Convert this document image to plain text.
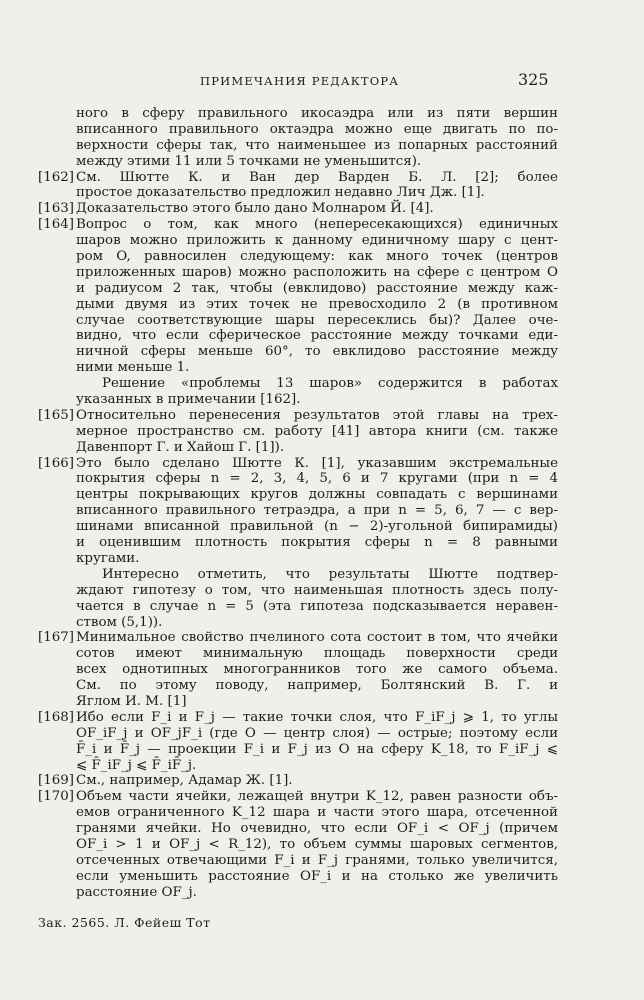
ПРИМЕЧАНИЯ РЕДАКТОРА	325
ного в сферу правильного икосаэдра или из пяти вершин
вписанного правильного октаэдра можно еще двигать по по-
верхности сферы так, что наименьшее из попарных расстояний
между этими 11 или 5 точками не уменьшится).
[162] См. Шютте К. и Ван дер Варден Б. Л. [2]; более
простое доказательство предложил недавно Лич Дж. [1].
[163] Доказательство этого было дано Молнаром Й. [4].
[164] Вопрос о том, как много (непересекающихся) единичных
шаров можно приложить к данному единичному шару с цент-
ром O, равносилен следующему: как много точек (центров
приложенных шаров) можно расположить на сфере с центром O
и радиусом 2 так, чтобы (евклидово) расстояние между каж-
дыми двумя из этих точек не превосходило 2 (в противном
случае соответствующие шары пересеклись бы)? Далее оче-
видно, что если сферическое расстояние между точками еди-
ничной сферы меньше 60°, то евклидово расстояние между
ними меньше 1.
Решение «проблемы 13 шаров» содержится в работах
указанных в примечании [162].
[165] Относительно перенесения результатов этой главы на трех-
мерное пространство см. работу [41] автора книги (см. также
Давенпорт Г. и Хайош Г. [1]).
[166] Это было сделано Шютте К. [1], указавшим экстремальные
покрытия сферы n = 2, 3, 4, 5, 6 и 7 кругами (при n = 4
центры покрывающих кругов должны совпадать с вершинами
вписанного правильного тетраэдра, а при n = 5, 6, 7 — с вер-
шинами вписанной правильной (n − 2)-угольной бипирамиды)
и оценившим плотность покрытия сферы n = 8 равными
кругами.
Интересно отметить, что результаты Шютте подтвер-
ждают гипотезу о том, что наименьшая плотность здесь полу-
чается в случае n = 5 (эта гипотеза подсказывается неравен-
ством (5,1)).
[167] Минимальное свойство пчелиного сота состоит в том, что ячейки
сотов имеют минимальную площадь поверхности среди
всех однотипных многогранников того же самого объема.
См. по этому поводу, например, Болтянский В. Г. и
Яглом И. М. [1]
[168] Ибо если F_i и F_j — такие точки слоя, что F_iF_j ⩾ 1, то углы
OF_iF_j и OF_jF_i (где O — центр слоя) — острые; поэтому если
F̄_i и F̄_j — проекции F_i и F_j из O на сферу K_18, то F_iF_j ⩽
⩽ F̄_iF_j ⩽ F̄_iF̄_j.
[169] См., например, Адамар Ж. [1].
[170] Объем части ячейки, лежащей внутри K_12, равен разности объ-
емов ограниченного K_12 шара и части этого шара, отсеченной
гранями ячейки. Но очевидно, что если OF_i < OF_j (причем
OF_i > 1 и OF_j < R_12), то объем суммы шаровых сегментов,
отсеченных отвечающими F_i и F_j гранями, только увеличится,
если уменьшить расстояние OF_i и на столько же увеличить
расстояние OF_j.
Зак. 2565. Л. Фейеш Тот
